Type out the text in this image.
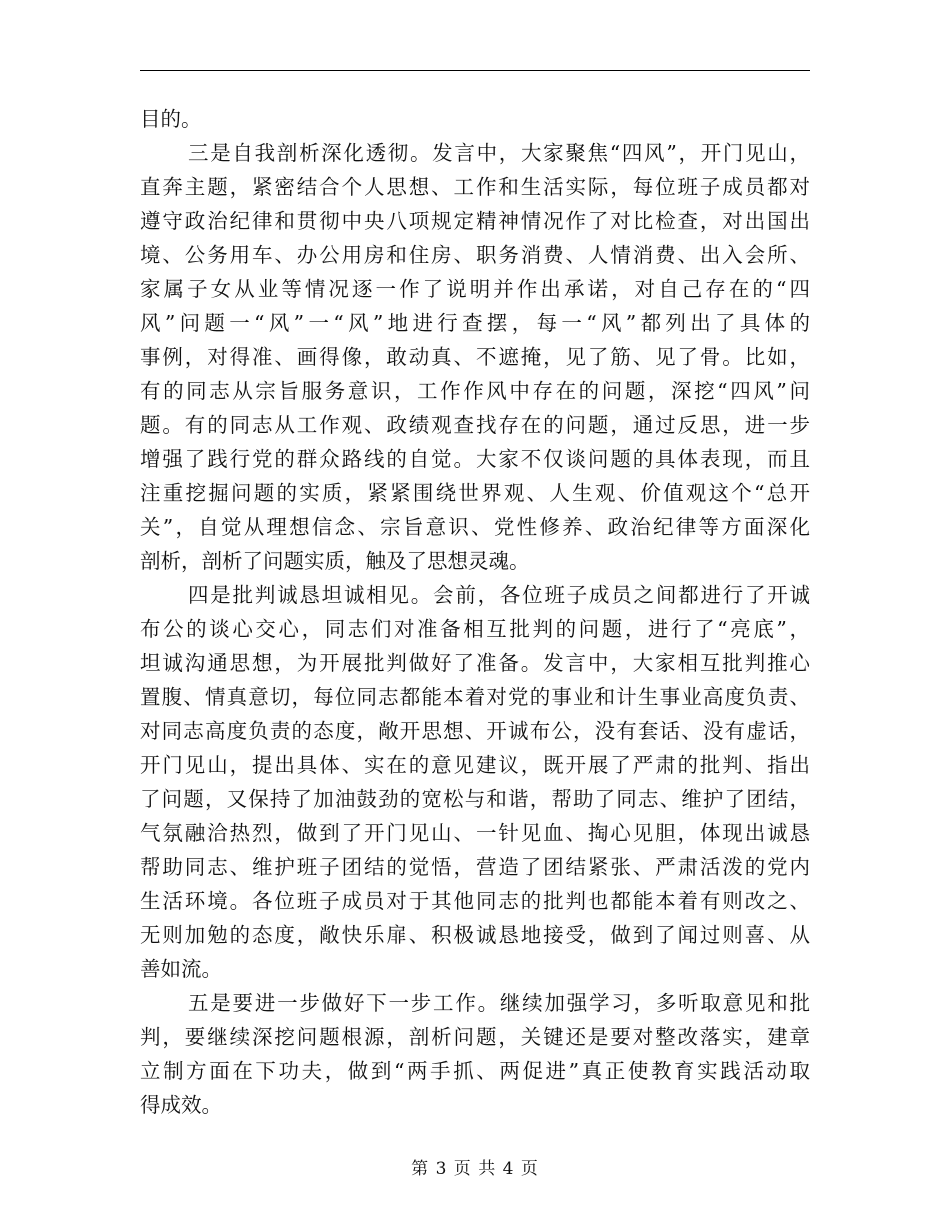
目的。
三是自我剖析深化透彻。发言中，大家聚焦“四风”，开门见山，
直奔主题，紧密结合个人思想、工作和生活实际，每位班子成员都对
遵守政治纪律和贯彻中央八项规定精神情况作了对比检查，对出国出
境、公务用车、办公用房和住房、职务消费、人情消费、出入会所、
家属子女从业等情况逐一作了说明并作出承诺，对自己存在的“四
风”问题一“风”一“风”地进行查摆，每一“风”都列出了具体的
事例，对得准、画得像，敢动真、不遮掩，见了筋、见了骨。比如，
有的同志从宗旨服务意识，工作作风中存在的问题，深挖“四风”问
题。有的同志从工作观、政绩观查找存在的问题，通过反思，进一步
增强了践行党的群众路线的自觉。大家不仅谈问题的具体表现，而且
注重挖掘问题的实质，紧紧围绕世界观、人生观、价值观这个“总开
关”，自觉从理想信念、宗旨意识、党性修养、政治纪律等方面深化
剖析，剖析了问题实质，触及了思想灵魂。
四是批判诚恳坦诚相见。会前，各位班子成员之间都进行了开诚
布公的谈心交心，同志们对准备相互批判的问题，进行了“亮底”，
坦诚沟通思想，为开展批判做好了准备。发言中，大家相互批判推心
置腹、情真意切，每位同志都能本着对党的事业和计生事业高度负责、
对同志高度负责的态度，敞开思想、开诚布公，没有套话、没有虚话，
开门见山，提出具体、实在的意见建议，既开展了严肃的批判、指出
了问题，又保持了加油鼓劲的宽松与和谐，帮助了同志、维护了团结，
气氛融洽热烈，做到了开门见山、一针见血、掏心见胆，体现出诚恳
帮助同志、维护班子团结的觉悟，营造了团结紧张、严肃活泼的党内
生活环境。各位班子成员对于其他同志的批判也都能本着有则改之、
无则加勉的态度，敞快乐扉、积极诚恳地接受，做到了闻过则喜、从
善如流。
五是要进一步做好下一步工作。继续加强学习，多听取意见和批
判，要继续深挖问题根源，剖析问题，关键还是要对整改落实，建章
立制方面在下功夫，做到“两手抓、两促进”真正使教育实践活动取
得成效。
第 3 页 共 4 页
